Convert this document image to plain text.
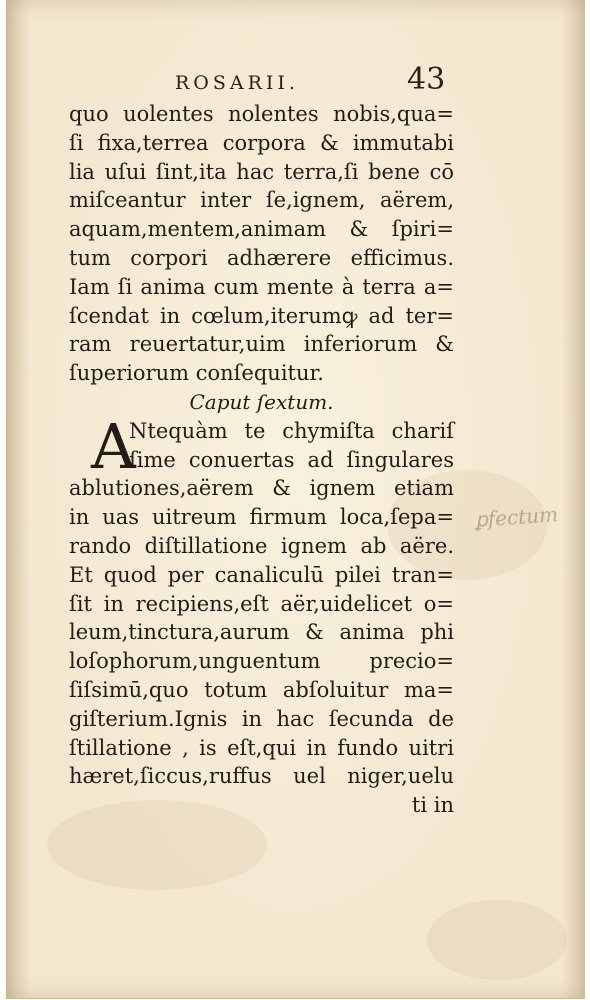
ROSARII.	43
quo uolentes nolentes nobis,qua=
ſi fixa,terrea corpora & immutabi
lia uſui ſint,ita hac terra,ſi bene cō
miſceantur inter ſe,ignem, aërem,
aquam,mentem,animam & ſpiri=
tum corpori adhærere efficimus.
Iam ſi anima cum mente à terra a=
ſcendat in cœlum,iterumꝙ ad ter=
ram reuertatur,uim inferiorum &
ſuperiorum conſequitur.
Caput ſextum.
A
Ntequàm te chymiſta chariſ
ſime conuertas ad ſingulares
ablutiones,aërem & ignem etiam
in uas uitreum firmum loca,ſepa=
rando diſtillatione ignem ab aëre.
Et quod per canaliculū pilei tran=
ſit in recipiens,eſt aër,uidelicet o=
leum,tinctura,aurum & anima phi
loſophorum,unguentum precio=
ſiſsimū,quo totum abſoluitur ma=
giſterium.Ignis in hac ſecunda de
ſtillatione , is eſt,qui in fundo uitri
hæret,ſiccus,ruffus uel niger,uelu
ti in
ꝑfectum
